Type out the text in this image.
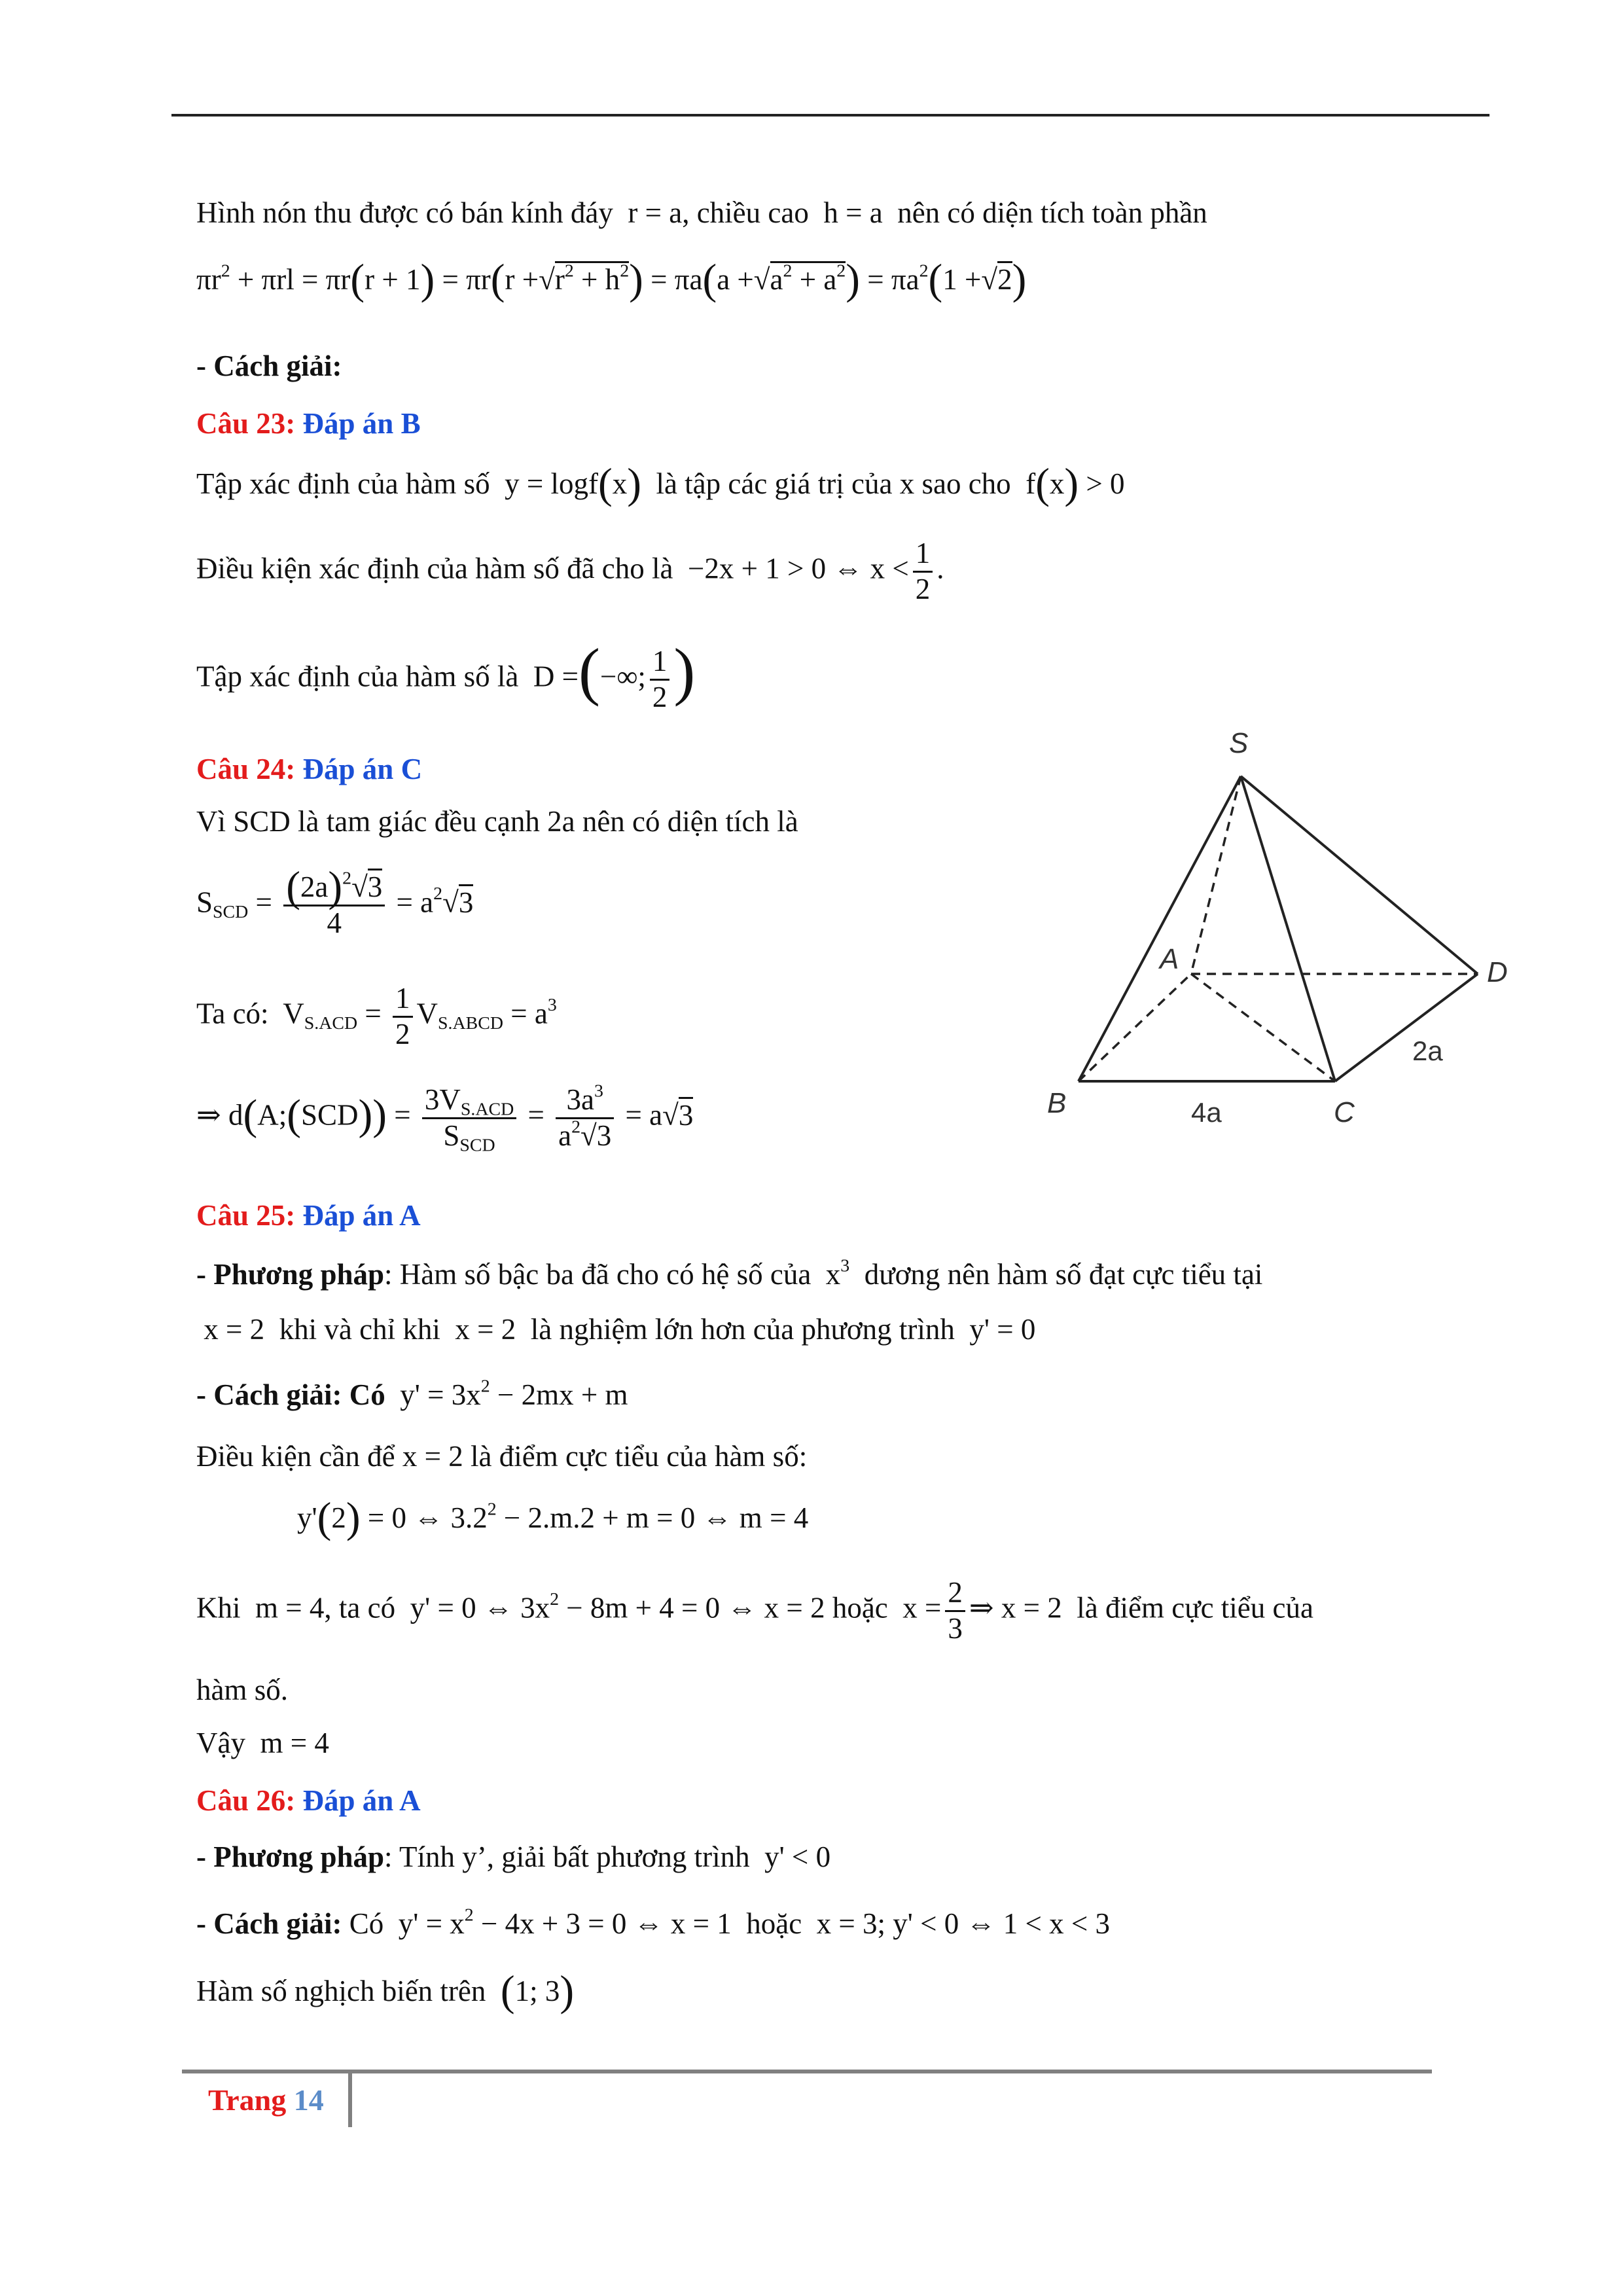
Hình nón thu được có bán kính đáy r = a, chiều cao h = a nên có diện tích toàn phần
$\pi r^2 + \pi rl = \pi r(r + 1) = \pi r(r +√r^2 + h^2) = \pi a(a +√a^2 + a^2) = \pi a^2(1 +√2)$
- Cách giải:
Câu 23: Đáp án B
Tập xác định của hàm số y = logf(x) là tập các giá trị của x sao cho f(x) > 0
Điều kiện xác định của hàm số đã cho là −2x + 1 > 0 ⇔ $x < \frac{1}{2}$ .
Tập xác định của hàm số là D =(−∞; $\frac{1}{2}$ )
Câu 24: Đáp án C
Vì SCD là tam giác đều cạnh 2a nên có diện tích là
$S_{SCD} = \frac{(2a)^2√3}{4} = a^2√3$
Ta có: $V_{S.ACD} = \frac{1}{2} V_{S.ABCD} = a^3$
⇒ d(A;(SCD)) = $\frac{3V_{S.ACD}}{S_{SCD}} = \frac{3a^3}{a^2√3} = a√3$
S
A
B	C
D
4a
2a
Câu 25: Đáp án A
- Phương pháp: Hàm số bậc ba đã cho có hệ số của $x^3$ dương nên hàm số đạt cực tiểu tại
x = 2 khi và chỉ khi x = 2 là nghiệm lớn hơn của phương trình y' = 0
- Cách giải: Có $y' = 3x^2 - 2mx + m$
Điều kiện cần để x = 2 là điểm cực tiểu của hàm số:
y'(2) = 0 ⇔ $3.2^2 - 2.m.2 + m = 0$ ⇔ m = 4
Khi m = 4, ta có y' = 0 ⇔ $3x^2 - 8m + 4 = 0$ ⇔ x = 2 hoặc $x = \frac{2}{3}$ ⇒ x = 2 là điểm cực tiểu của
hàm số.
Vậy m = 4
Câu 26: Đáp án A
- Phương pháp: Tính y’, giải bất phương trình y' < 0
- Cách giải: Có $y' = x^2 - 4x + 3 = 0$ ⇔ x = 1 hoặc x = 3; y' < 0 ⇔ 1 < x < 3
Hàm số nghịch biến trên (1; 3)
Trang 14
